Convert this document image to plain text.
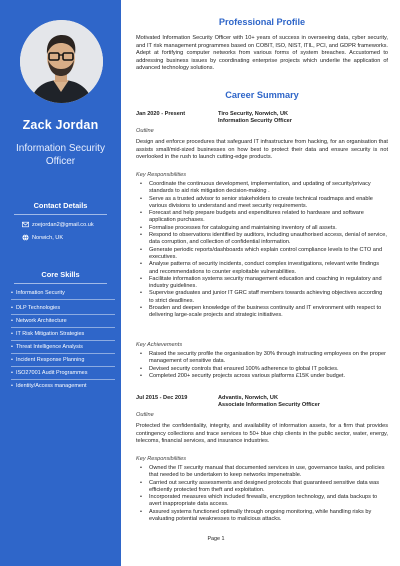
Zack Jordan
Information Security Officer
Contact Details
zoejordan2@gmail.co.uk
Norwich, UK
Core Skills
• Information Security
• DLP Technologies
• Network Architecture
• IT Risk Mitigation Strategies
• Threat Intelligence Analysis
• Incident Response Planning
• ISO27001 Audit Programmes
• Identity/Access management
Professional Profile
Motivated Information Security Officer with 10+ years of success in overseeing data, cyber security, and IT risk management programmes based on COBIT, ISO, NIST, ITIL, PCI, and GDPR frameworks. Adept at fortifying computer networks from various forms of system breaches. Accustomed to addressing business issues by coordinating enterprise projects which underlie the application of advanced technology solutions.
Career Summary
Jan 2020 - Present	Tiro Security, Norwich, UK
Information Security Officer
Outline
Design and enforce procedures that safeguard IT infrastructure from hacking, for an organisation that assists small/mid-sized businesses on how best to protect their data and ensure security is not overlooked in the rush to launch cutting-edge products.
Key Responsibilities
• Coordinate the continuous development, implementation, and updating of security/privacy standards to aid risk mitigation decision-making .
• Serve as a trusted advisor to senior stakeholders to create technical roadmaps and enable various divisions to understand and meet security requirements.
• Forecast and help prepare budgets and expenditures related to hardware and software application purchases.
• Formalise processes for cataloguing and maintaining inventory of all assets.
• Respond to observations identified by auditors, including unauthorised access, denial of service, data corruption, and collection of confidential information.
• Generate periodic reports/dashboards which explain control compliance levels to the CTO and executives.
• Analyse patterns of security incidents, conduct complex investigations, relevant write findings and recommendations to counter exploitable vulnerabilities.
• Facilitate information systems security management education and coaching in regulatory and industry guidelines.
• Supervise graduates and junior IT GRC staff members towards achieving objectives according to strict deadlines.
• Broaden and deepen knowledge of the business continuity and IT environment with respect to delivering large-scale projects and strategic initiatives.
Key Achievements
• Raised the security profile the organisation by 30% through instructing employees on the proper management of sensitive data.
• Devised security controls that ensured 100% adherence to global IT policies.
• Completed 200+ security projects across various platforms £15K under budget.
Jul 2015 - Dec 2019	Advantis, Norwich, UK
Associate Information Security Officer
Outline
Protected the confidentiality, integrity, and availability of information assets, for a firm that provides contingency collections and trace services to 50+ blue chip clients in the public sector, water, energy, telecoms, financial services, and insurance industries.
Key Responsibilities
• Owned the IT security manual that documented services in use, governance tasks, and policies that needed to be undertaken to keep networks impenetrable.
• Carried out security assessments and designed protocols that guaranteed sensitive data was efficiently protected from theft and exploitation.
• Incorporated measures which included firewalls, encryption technology, and data backups to avert inappropriate data access.
• Assured systems functioned optimally through ongoing monitoring, while handling risks by evaluating potential weaknesses to malicious attacks.
Page 1
